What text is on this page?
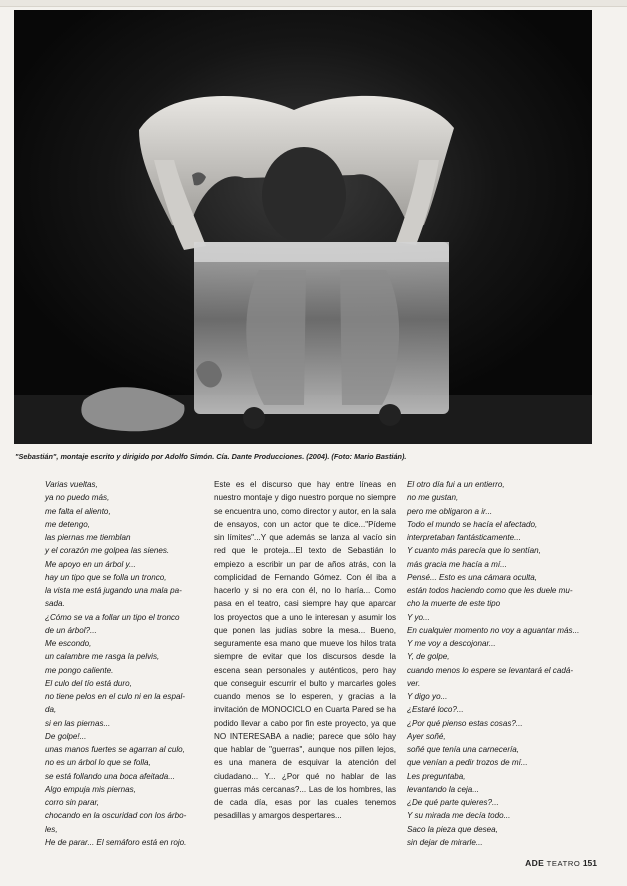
"Sebastián", montaje escrito y dirigido por Adolfo Simón. Cía. Dante Producciones. (2004). (Foto: Mario Bastián).
Varias vueltas,
ya no puedo más,
me falta el aliento,
me detengo,
las piernas me tiemblan
y el corazón me golpea las sienes.
Me apoyo en un árbol y...
hay un tipo que se folla un tronco,
la vista me está jugando una mala pa-
sada.
¿Cómo se va a follar un tipo el tronco
de un árbol?...
Me escondo,
un calambre me rasga la pelvis,
me pongo caliente.
El culo del tío está duro,
no tiene pelos en el culo ni en la espal-
da,
si en las piernas...
De golpe!...
unas manos fuertes se agarran al culo,
no es un árbol lo que se folla,
se está follando una boca afeitada...
Algo empuja mis piernas,
corro sin parar,
chocando en la oscuridad con los árbo-
les,
He de parar... El semáforo está en rojo.
Este es el discurso que hay entre líneas en nuestro montaje y digo nuestro porque no siempre se encuentra uno, como director y autor, en la sala de ensayos, con un actor que te dice..."Pídeme sin límites"...Y que además se lanza al vacío sin red que le proteja...El texto de Sebastián lo empiezo a escribir un par de años atrás, con la complicidad de Fernando Gómez. Con él iba a hacerlo y si no era con él, no lo haría... Como pasa en el teatro, casi siempre hay que aparcar los proyectos que a uno le interesan y asumir los que ponen las judías sobre la mesa... Bueno, seguramente esa mano que mueve los hilos trata siempre de evitar que los discursos desde la escena sean personales y auténticos, pero hay que conseguir escurrir el bulto y marcarles goles cuando menos se lo esperen, y gracias a la invitación de MONOCICLO en Cuarta Pared se ha podido llevar a cabo por fin este proyecto, ya que NO INTERESABA a nadie; parece que sólo hay que hablar de "guerras", aunque nos pillen lejos, es una manera de esquivar la atención del ciudadano... Y... ¿Por qué no hablar de las guerras más cercanas?... Las de los hombres, las de cada día, esas por las cuales tenemos pesadillas y amargos despertares...
El otro día fui a un entierro,
no me gustan,
pero me obligaron a ir...
Todo el mundo se hacía el afectado,
interpretaban fantásticamente...
Y cuanto más parecía que lo sentían,
más gracia me hacía a mí...
Pensé... Esto es una cámara oculta,
están todos haciendo como que les duele mu-
cho la muerte de este tipo
Y yo...
En cualquier momento no voy a aguantar más...
Y me voy a descojonar...
Y, de golpe,
cuando menos lo espere se levantará el cadá-
ver.
Y digo yo...
¿Estaré loco?...
¿Por qué pienso estas cosas?...
Ayer soñé,
soñé que tenía una carnecería,
que venían a pedir trozos de mí...
Les preguntaba,
levantando la ceja...
¿De qué parte quieres?...
Y su mirada me decía todo...
Saco la pieza que desea,
sin dejar de mirarle...
ADE TEATRO 151
